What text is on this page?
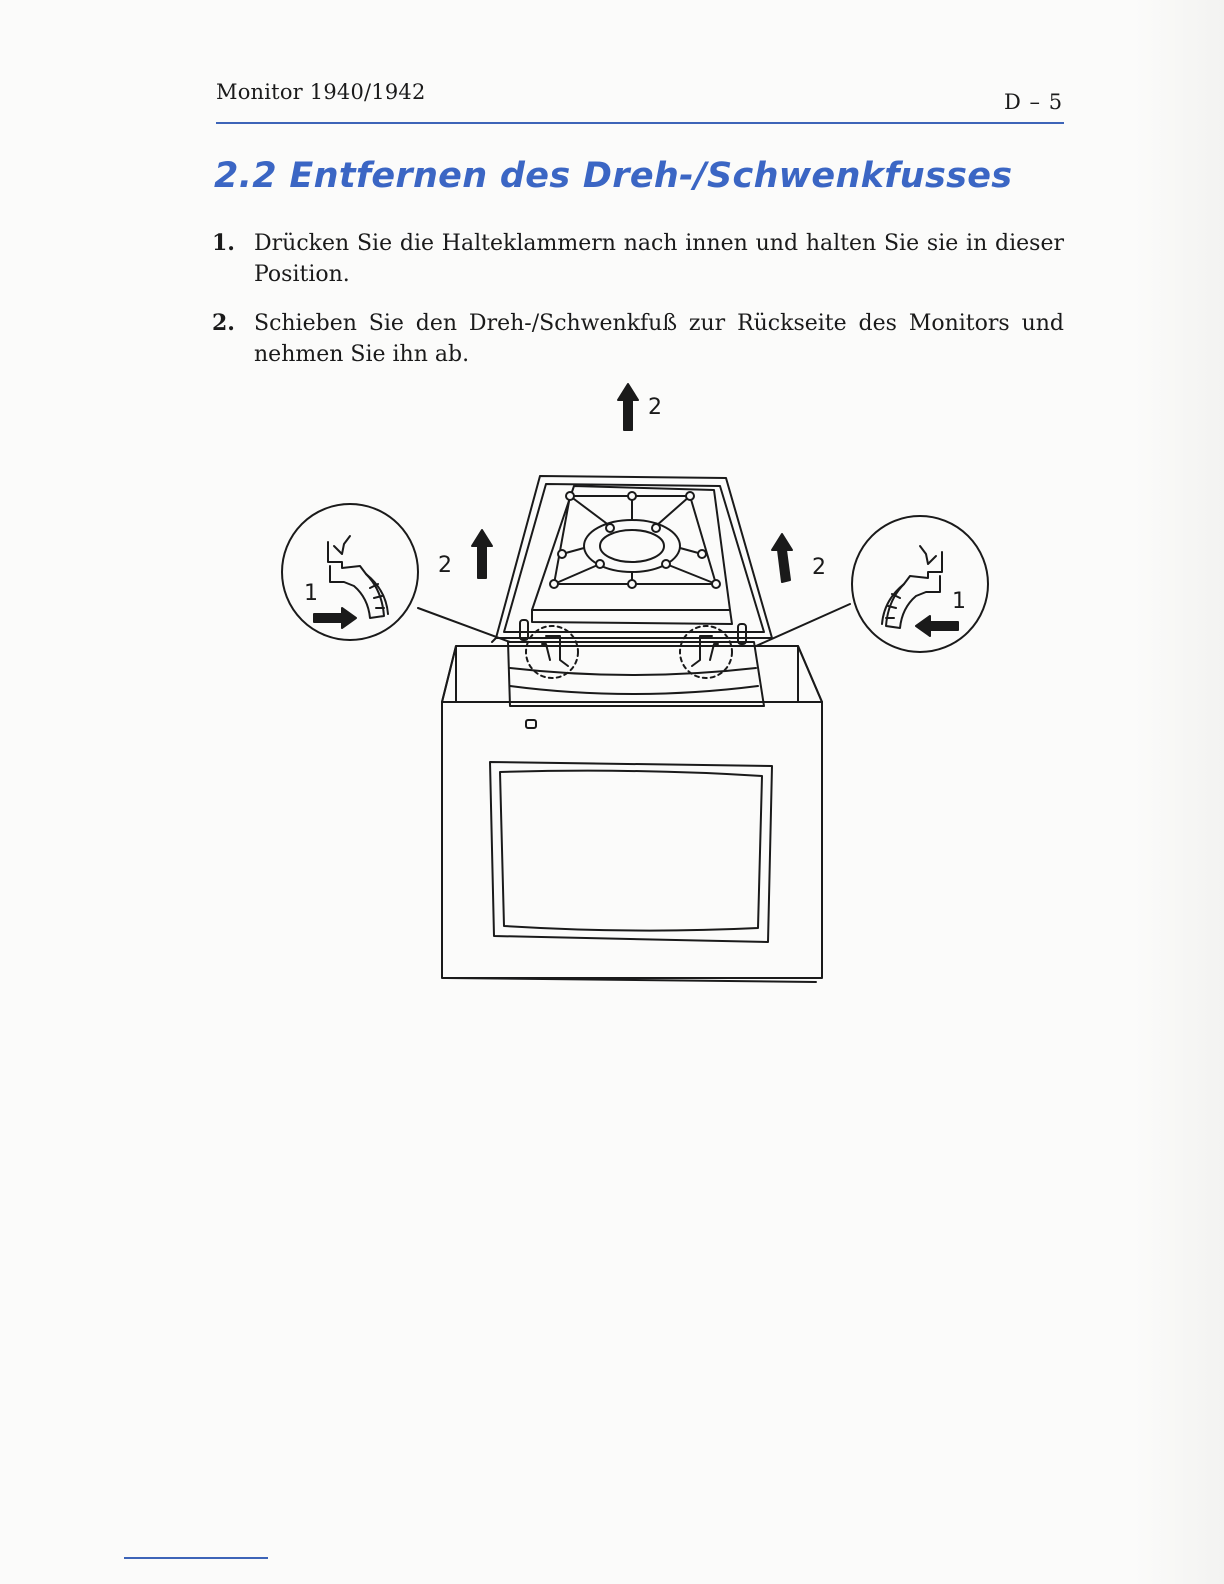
Monitor 1940/1942	D – 5
2.2 Entfernen des Dreh-/Schwenkfusses
1. Drücken Sie die Halteklammern nach innen und halten Sie sie in dieser Position.
2. Schieben Sie den Dreh-/Schwenkfuß zur Rückseite des Monitors und nehmen Sie ihn ab.
2
2	2
1	1
